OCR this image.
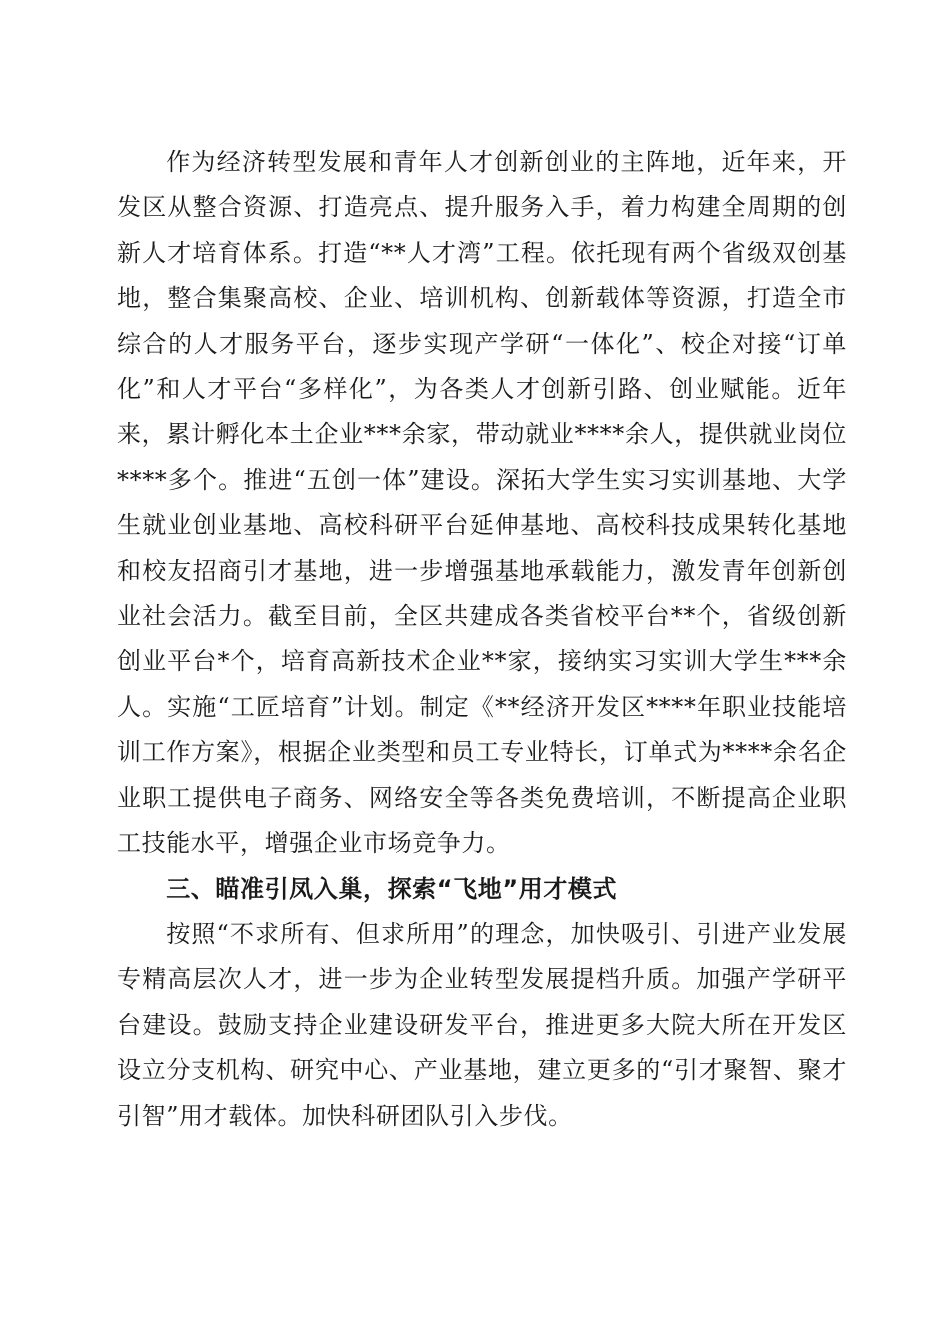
作为经济转型发展和青年人才创新创业的主阵地，近年来，开发区从整合资源、打造亮点、提升服务入手，着力构建全周期的创新人才培育体系。打造“**人才湾”工程。依托现有两个省级双创基地，整合集聚高校、企业、培训机构、创新载体等资源，打造全市综合的人才服务平台，逐步实现产学研“一体化”、校企对接“订单化”和人才平台“多样化”，为各类人才创新引路、创业赋能。近年来，累计孵化本土企业***余家，带动就业****余人，提供就业岗位****多个。推进“五创一体”建设。深拓大学生实习实训基地、大学生就业创业基地、高校科研平台延伸基地、高校科技成果转化基地和校友招商引才基地，进一步增强基地承载能力，激发青年创新创业社会活力。截至目前，全区共建成各类省校平台**个，省级创新创业平台*个，培育高新技术企业**家，接纳实习实训大学生***余人。实施“工匠培育”计划。制定《**经济开发区****年职业技能培训工作方案》，根据企业类型和员工专业特长，订单式为****余名企业职工提供电子商务、网络安全等各类免费培训，不断提高企业职工技能水平，增强企业市场竞争力。

三、瞄准引凤入巢，探索“飞地”用才模式

按照“不求所有、但求所用”的理念，加快吸引、引进产业发展专精高层次人才，进一步为企业转型发展提档升质。加强产学研平台建设。鼓励支持企业建设研发平台，推进更多大院大所在开发区设立分支机构、研究中心、产业基地，建立更多的“引才聚智、聚才引智”用才载体。加快科研团队引入步伐。
